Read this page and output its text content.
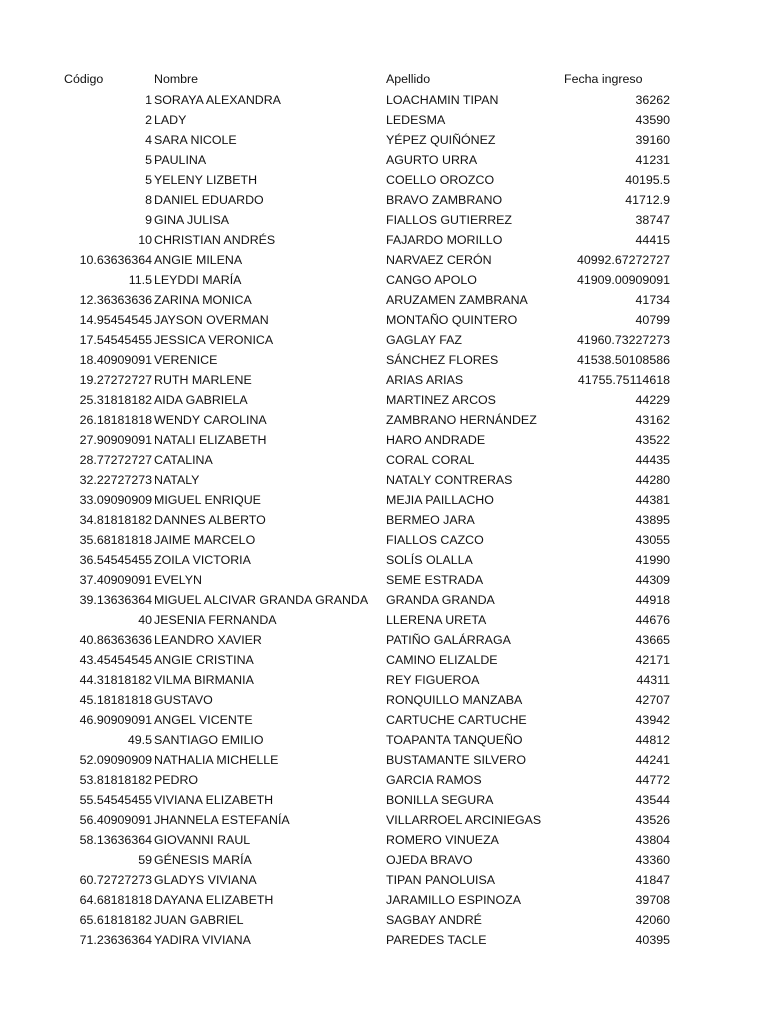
Código	Nombre	Apellido	Fecha ingreso
1 SORAYA ALEXANDRA	LOACHAMIN TIPAN	36262
2 LADY	LEDESMA	43590
4 SARA NICOLE	YÉPEZ QUIÑÓNEZ	39160
5 PAULINA	AGURTO URRA	41231
5 YELENY LIZBETH	COELLO OROZCO	40195.5
8 DANIEL EDUARDO	BRAVO ZAMBRANO	41712.9
9 GINA JULISA	FIALLOS GUTIERREZ	38747
10 CHRISTIAN ANDRÉS	FAJARDO MORILLO	44415
10.63636364 ANGIE MILENA	NARVAEZ CERÓN	40992.67272727
11.5 LEYDDI MARÍA	CANGO APOLO	41909.00909091
12.36363636 ZARINA MONICA	ARUZAMEN ZAMBRANA	41734
14.95454545 JAYSON OVERMAN	MONTAÑO QUINTERO	40799
17.54545455 JESSICA VERONICA	GAGLAY FAZ	41960.73227273
18.40909091 VERENICE	SÁNCHEZ FLORES	41538.50108586
19.27272727 RUTH MARLENE	ARIAS ARIAS	41755.75114618
25.31818182 AIDA GABRIELA	MARTINEZ ARCOS	44229
26.18181818 WENDY CAROLINA	ZAMBRANO HERNÁNDEZ	43162
27.90909091 NATALI ELIZABETH	HARO ANDRADE	43522
28.77272727 CATALINA	CORAL CORAL	44435
32.22727273 NATALY	NATALY CONTRERAS	44280
33.09090909 MIGUEL ENRIQUE	MEJIA PAILLACHO	44381
34.81818182 DANNES ALBERTO	BERMEO JARA	43895
35.68181818 JAIME MARCELO	FIALLOS CAZCO	43055
36.54545455 ZOILA VICTORIA	SOLÍS OLALLA	41990
37.40909091 EVELYN	SEME ESTRADA	44309
39.13636364 MIGUEL ALCIVAR GRANDA GRANDA	GRANDA GRANDA	44918
40 JESENIA FERNANDA	LLERENA URETA	44676
40.86363636 LEANDRO XAVIER	PATIÑO GALÁRRAGA	43665
43.45454545 ANGIE CRISTINA	CAMINO ELIZALDE	42171
44.31818182 VILMA BIRMANIA	REY FIGUEROA	44311
45.18181818 GUSTAVO	RONQUILLO MANZABA	42707
46.90909091 ANGEL VICENTE	CARTUCHE CARTUCHE	43942
49.5 SANTIAGO EMILIO	TOAPANTA TANQUEÑO	44812
52.09090909 NATHALIA MICHELLE	BUSTAMANTE SILVERO	44241
53.81818182 PEDRO	GARCIA RAMOS	44772
55.54545455 VIVIANA ELIZABETH	BONILLA SEGURA	43544
56.40909091 JHANNELA ESTEFANÍA	VILLARROEL ARCINIEGAS	43526
58.13636364 GIOVANNI RAUL	ROMERO VINUEZA	43804
59 GÉNESIS MARÍA	OJEDA BRAVO	43360
60.72727273 GLADYS VIVIANA	TIPAN PANOLUISA	41847
64.68181818 DAYANA ELIZABETH	JARAMILLO ESPINOZA	39708
65.61818182 JUAN GABRIEL	SAGBAY ANDRÉ	42060
71.23636364 YADIRA VIVIANA	PAREDES TACLE	40395
